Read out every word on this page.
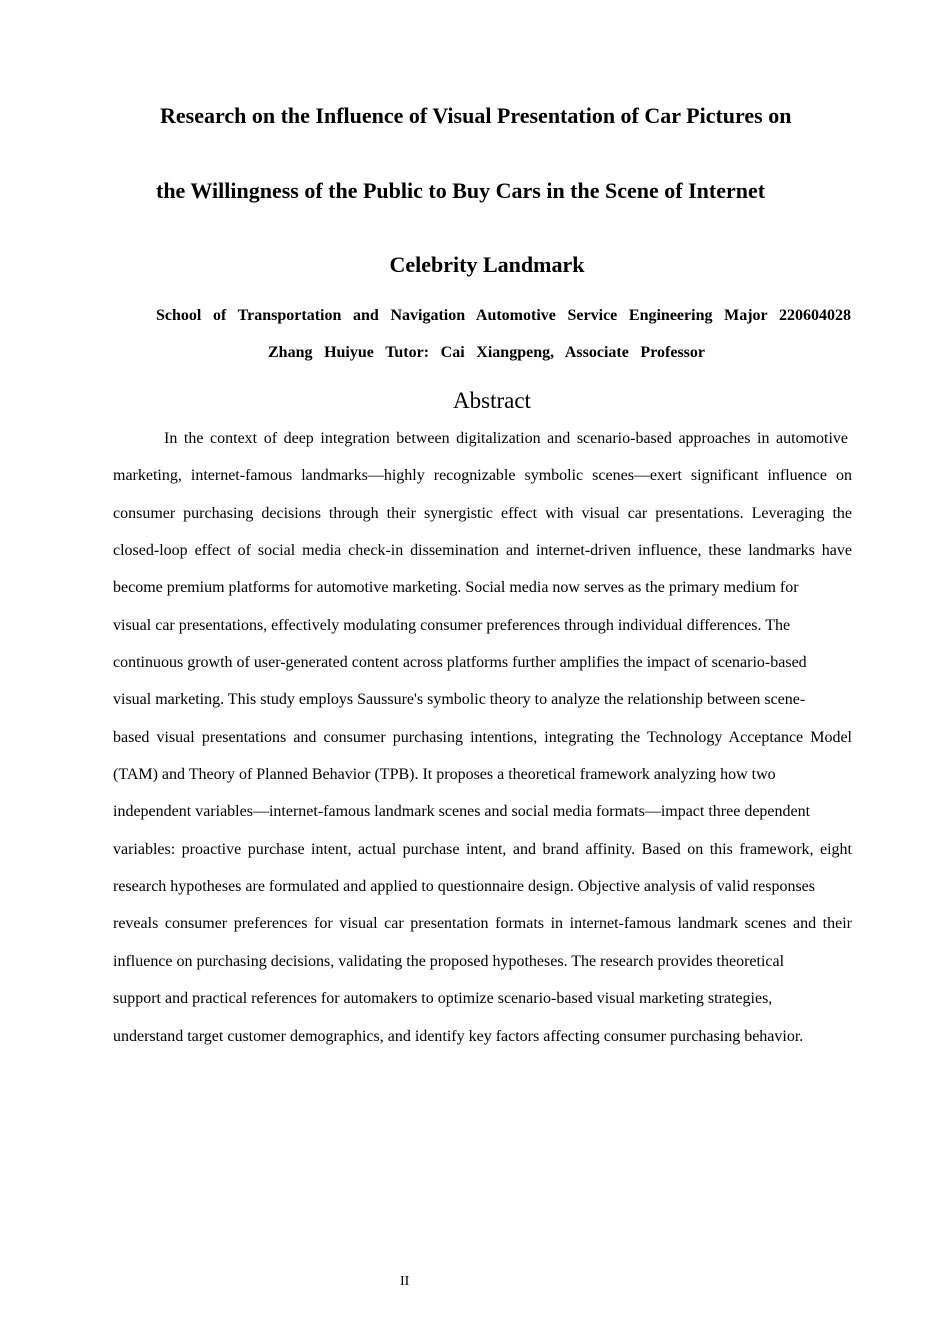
Research on the Influence of Visual Presentation of Car Pictures on
the Willingness of the Public to Buy Cars in the Scene of Internet
Celebrity Landmark
School of Transportation and Navigation Automotive Service Engineering Major 220604028
Zhang Huiyue Tutor: Cai Xiangpeng, Associate Professor
Abstract
In the context of deep integration between digitalization and scenario-based approaches in automotive
marketing, internet-famous landmarks—highly recognizable symbolic scenes—exert significant influence on
consumer purchasing decisions through their synergistic effect with visual car presentations. Leveraging the
closed-loop effect of social media check-in dissemination and internet-driven influence, these landmarks have
become premium platforms for automotive marketing. Social media now serves as the primary medium for
visual car presentations, effectively modulating consumer preferences through individual differences. The
continuous growth of user-generated content across platforms further amplifies the impact of scenario-based
visual marketing. This study employs Saussure's symbolic theory to analyze the relationship between scene-
based visual presentations and consumer purchasing intentions, integrating the Technology Acceptance Model
(TAM) and Theory of Planned Behavior (TPB). It proposes a theoretical framework analyzing how two
independent variables—internet-famous landmark scenes and social media formats—impact three dependent
variables: proactive purchase intent, actual purchase intent, and brand affinity. Based on this framework, eight
research hypotheses are formulated and applied to questionnaire design. Objective analysis of valid responses
reveals consumer preferences for visual car presentation formats in internet-famous landmark scenes and their
influence on purchasing decisions, validating the proposed hypotheses. The research provides theoretical
support and practical references for automakers to optimize scenario-based visual marketing strategies,
understand target customer demographics, and identify key factors affecting consumer purchasing behavior.
II
